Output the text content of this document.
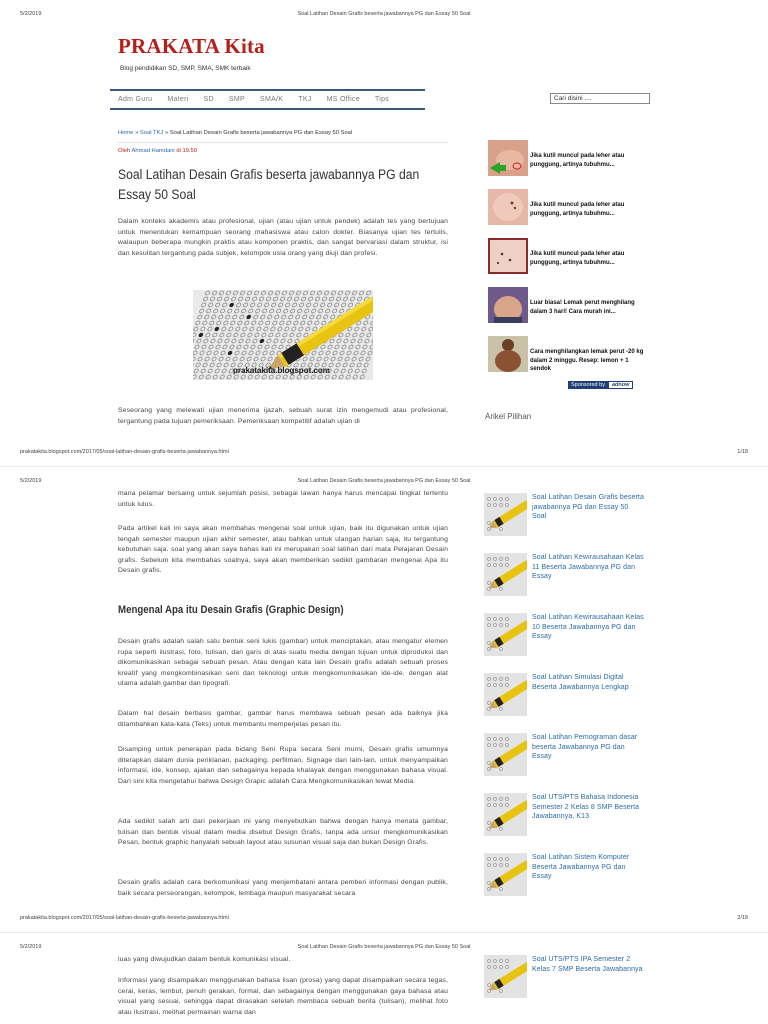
5/2/2019	Soal Latihan Desain Grafis beserta jawabannya PG dan Essay 50 Soal
PRAKATA Kita
Blog pendidikan SD, SMP, SMA, SMK terbaik
Adm Guru Materi SD SMP SMA/K TKJ MS Office Tips	Cari disini ....
Home » Soal TKJ » Soal Latihan Desain Grafis beserta jawabannya PG dan Essay 50 Soal
Oleh Ahmad Hamdani di 19.50
Soal Latihan Desain Grafis beserta jawabannya PG dan Essay 50 Soal
Dalam konteks akademis atau profesional, ujian (atau ujian untuk pendek) adalah tes yang bertujuan untuk menentukan kemampuan seorang mahasiswa atau calon dokter. Biasanya ujian tes tertulis, walaupun beberapa mungkin praktis atau komponen praktis, dan sangat bervariasi dalam struktur, isi dan kesulitan tergantung pada subjek, kelompok usia orang yang diuji dan profesi.
prakatakita.blogspot.com
Seseorang yang melewati ujian menerima ijazah, sebuah surat izin mengemudi atau profesional, tergantung pada tujuan pemeriksaan. Pemeriksaan kompetitif adalah ujian di
Jika kutil muncul pada leher atau punggung, artinya tubuhmu...
Jika kutil muncul pada leher atau punggung, artinya tubuhmu...
Jika kutil muncul pada leher atau punggung, artinya tubuhmu...
Luar biasa! Lemak perut menghilang dalam 3 hari! Cara murah ini...
Cara menghilangkan lemak perut -20 kg dalam 2 minggu. Resep: lemon + 1 sendok
Sponsored by	adnow
Arikel Pilihan
prakatakita.blogspot.com/2017/05/soal-latihan-desain-grafis-beserta-jawabannya.html	1/18
5/2/2019	Soal Latihan Desain Grafis beserta jawabannya PG dan Essay 50 Soal
mana pelamar bersaing untuk sejumlah posisi, sebagai lawan hanya harus mencapai tingkat tertentu untuk lulus.
Pada artikel kali ini saya akan membahas mengenai soal untuk ujian, baik itu digunakan untuk ujian tengah semester maupun ujian akhir semester, atau bahkan untuk ulangan harian saja, itu tergantung kebutuhan saja. soal yang akan saya bahas kali ini merupakan soal latihan dari mata Pelajaran Desain grafis. Sebelum kita membahas soalnya, saya akan memberikan sedikit gambaran mengenai Apa itu Desain grafis.
Mengenal Apa itu Desain Grafis (Graphic Design)
Desain grafis adalah salah satu bentuk seni lukis (gambar) untuk menciptakan, atau mengatur elemen rupa seperti ilustrasi, foto, tulisan, dan garis di atas suatu media dengan tujuan untuk diproduksi dan dikomunikasikan sebagai sebuah pesan. Atau dengan kata lain Desain grafis adalah sebuah proses kreatif yang mengkombinasikan seni dan teknologi untuk mengkomunikasikan ide-ide. dengan alat utama adalah gambar dan tipografi.
Dalam hal desain berbasis gambar, gambar harus membawa sebuah pesan ada baiknya jika ditambahkan kata-kata (Teks) untuk membantu memperjelas pesan itu.
Disamping untuk penerapan pada bidang Seni Rupa secara Seni murni, Desain grafis umumnya diterapkan dalam dunia periklanan, packaging, perfilman, Signage dan lain-lain, untuk menyampaikan informasi, ide, konsep, ajakan dan sebagainya kepada khalayak dengan menggunakan bahasa visual. Dari sini kita mengetahui bahwa Design Grapic adalah Cara Mengkomunikasikan lewat Media.
Ada sedikit salah arti dari pekerjaan ini yang menyebutkan bahwa dengan hanya menata gambar, tulisan dan bentuk visual dalam media disebut Design Grafis, tanpa ada unsur mengkomunikasikan Pesan, bentuk graphic hanyalah sebuah layout atau susunan visual saja dan bukan Design Grafis.
Desain grafis adalah cara berkomunikasi yang menjembatani antara pemberi informasi dengan publik, baik secara perseorangan, kelompok, lembaga maupun masyarakat secara
Soal Latihan Desain Grafis beserta jawabannya PG dan Essay 50 Soal
Soal Latihan Kewirausahaan Kelas 11 Beserta Jawabannya PG dan Essay
Soal Latihan Kewirausahaan Kelas 10 Beserta Jawabannya PG dan Essay
Soal Latihan Simulasi Digital Beserta Jawabannya Lengkap
Soal Latihan Pemograman dasar beserta Jawabannya PG dan Essay
Soal UTS/PTS Bahasa Indonesia Semester 2 Kelas 8 SMP Beserta Jawabannya, K13
Soal Latihan Sistem Komputer Beserta Jawabannya PG dan Essay
Soal UTS/PTS IPA Semester 2 Kelas 7 SMP Beserta Jawabannya
prakatakita.blogspot.com/2017/05/soal-latihan-desain-grafis-beserta-jawabannya.html	2/18
5/2/2019	Soal Latihan Desain Grafis beserta jawabannya PG dan Essay 50 Soal
luas yang diwujudkan dalam bentuk komunikasi visual.
Informasi yang disampaikan menggunakan bahasa lisan (prosa) yang dapat disampaikan secara tegas, cerai, keras, lembut, penuh gerakan, formal, dan sebagainya dengan menggunakan gaya bahasa atau visual yang sesuai, sehingga dapat dirasakan setelah membaca sebuah berita (tulisan), melihat foto atau ilustrasi, melihat permainan warna dan
